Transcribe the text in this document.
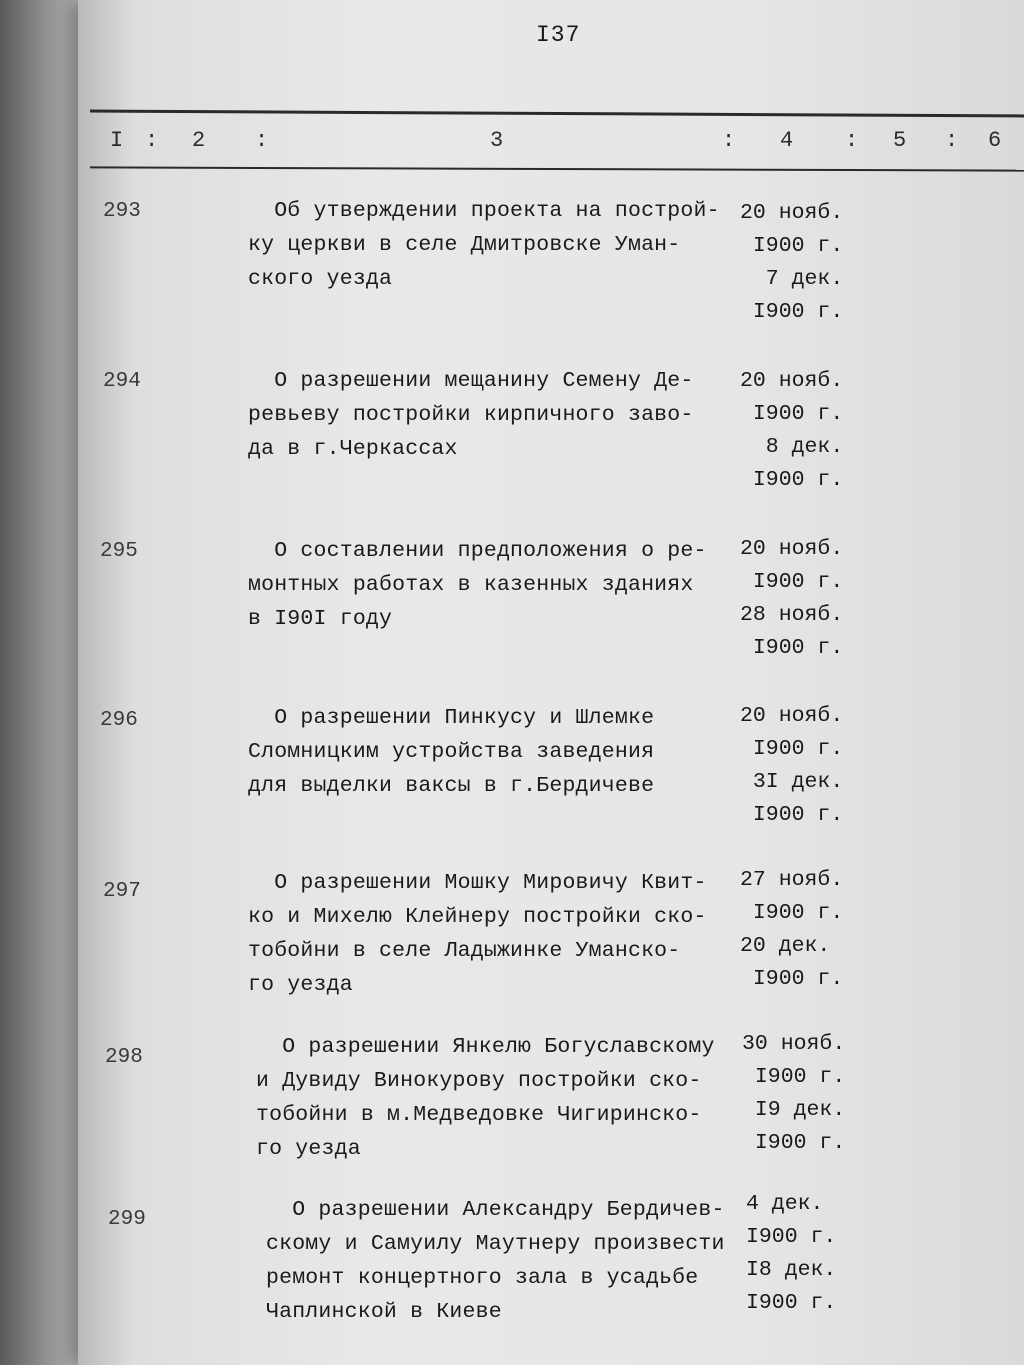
I37
I : 2 :	3	: 4 : 5 : 6
293	Об утверждении проекта на построй-
ку церкви в селе Дмитровске Уман-
ского уезда
20 нояб.
I900 г.
7 дек.
I900 г.
294	О разрешении мещанину Семену Де-
ревьеву постройки кирпичного заво-
да в г.Черкассах
20 нояб.
I900 г.
8 дек.
I900 г.
295	О составлении предположения о ре-
монтных работах в казенных зданиях
в I90I году
20 нояб.
I900 г.
28 нояб.
I900 г.
296	О разрешении Пинкусу и Шлемке
Сломницким устройства заведения
для выделки ваксы в г.Бердичеве
20 нояб.
I900 г.
3I дек.
I900 г.
297	О разрешении Мошку Мировичу Квит-
ко и Михелю Клейнеру постройки ско-
тобойни в селе Ладыжинке Уманско-
го уезда
27 нояб.
I900 г.
20 дек.
I900 г.
298	О разрешении Янкелю Богуславскому
и Дувиду Винокурову постройки ско-
тобойни в м.Медведовке Чигиринско-
го уезда
30 нояб.
I900 г.
I9 дек.
I900 г.
299	О разрешении Александру Бердичев-
скому и Самуилу Маутнеру произвести
ремонт концертного зала в усадьбе
Чаплинской в Киеве
4 дек.
I900 г.
I8 дек.
I900 г.
